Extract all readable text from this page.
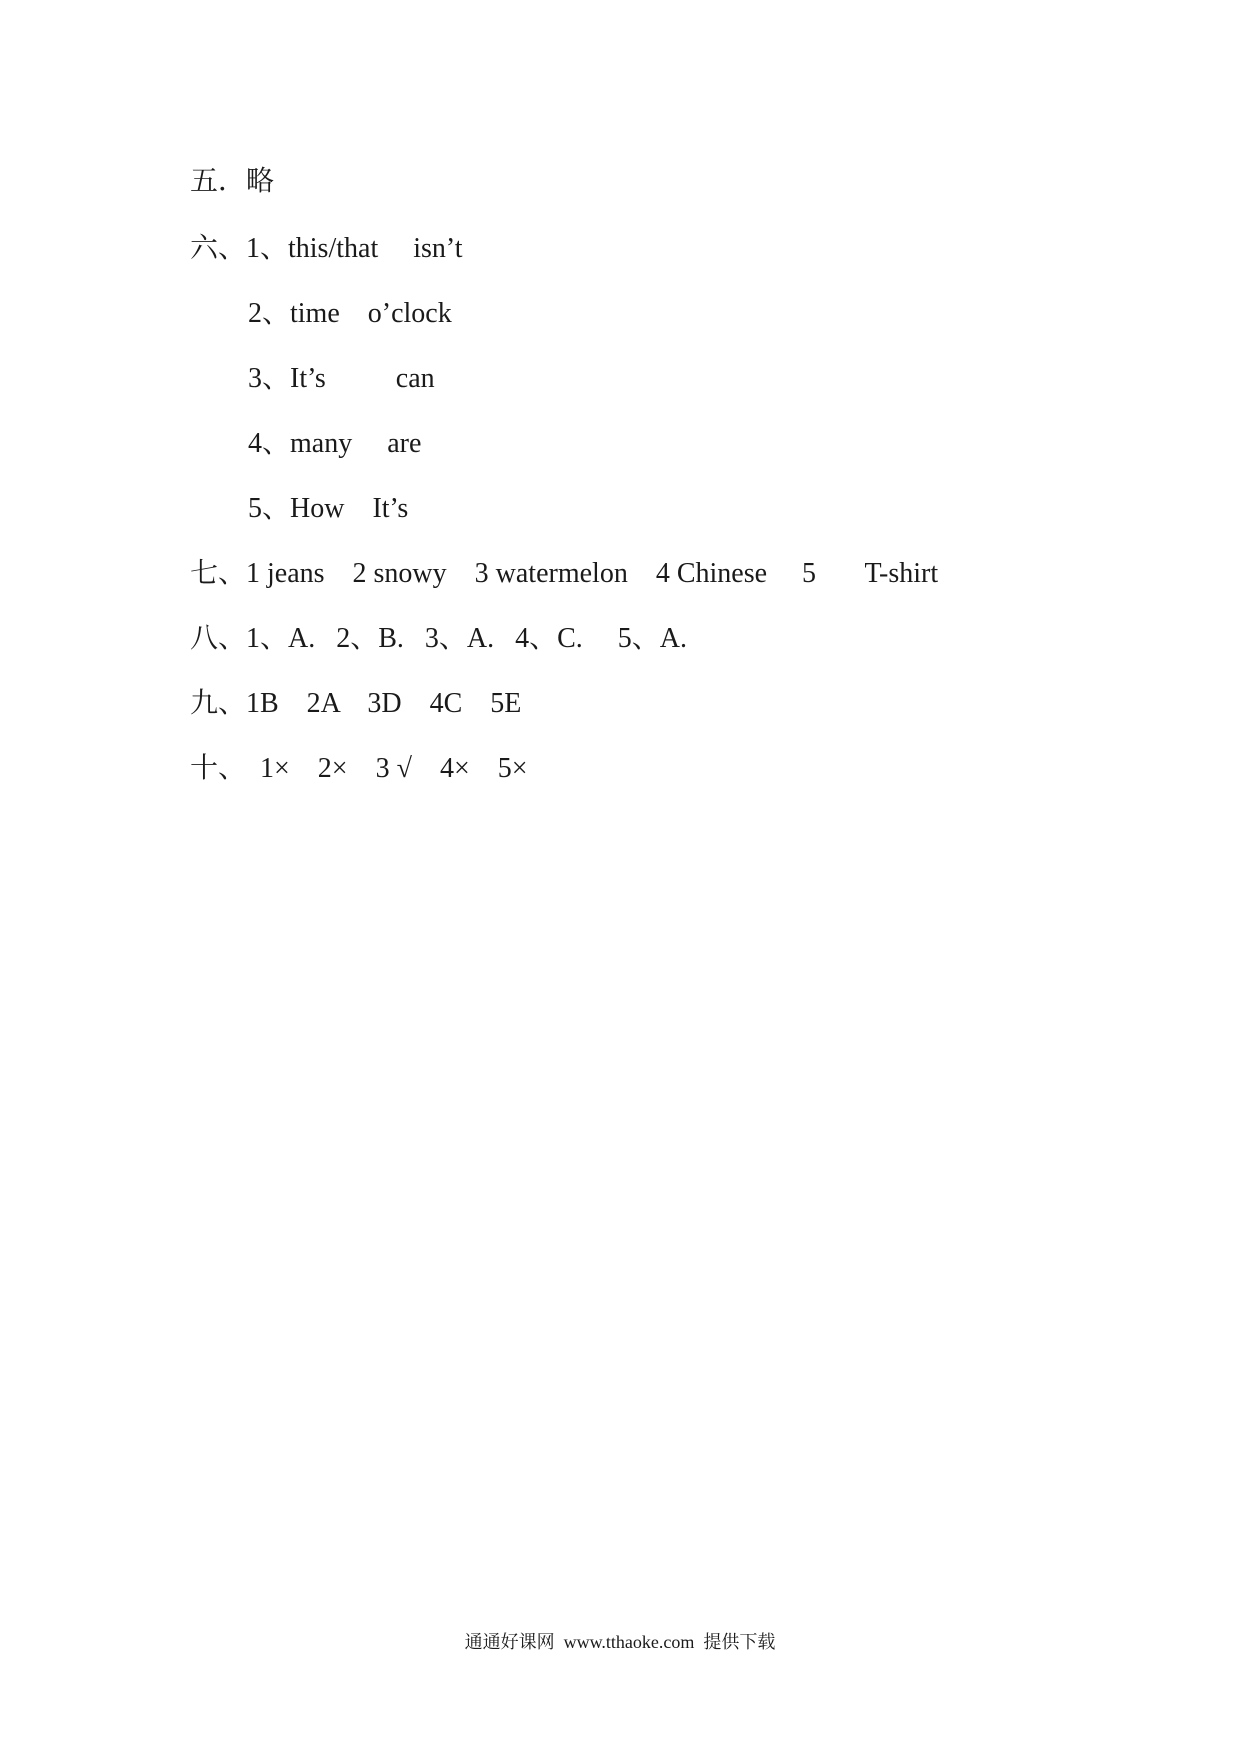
五．略
六、1、this/that     isn’t
2、time    o’clock
3、It’s          can
4、many     are
5、How    It’s
七、1 jeans    2 snowy    3 watermelon    4 Chinese     5       T-shirt
八、1、A.   2、B.   3、A.   4、C.     5、A.
九、1B    2A    3D    4C    5E
十、  1×    2×    3 √    4×    5×
通通好课网  www.tthaoke.com  提供下载
